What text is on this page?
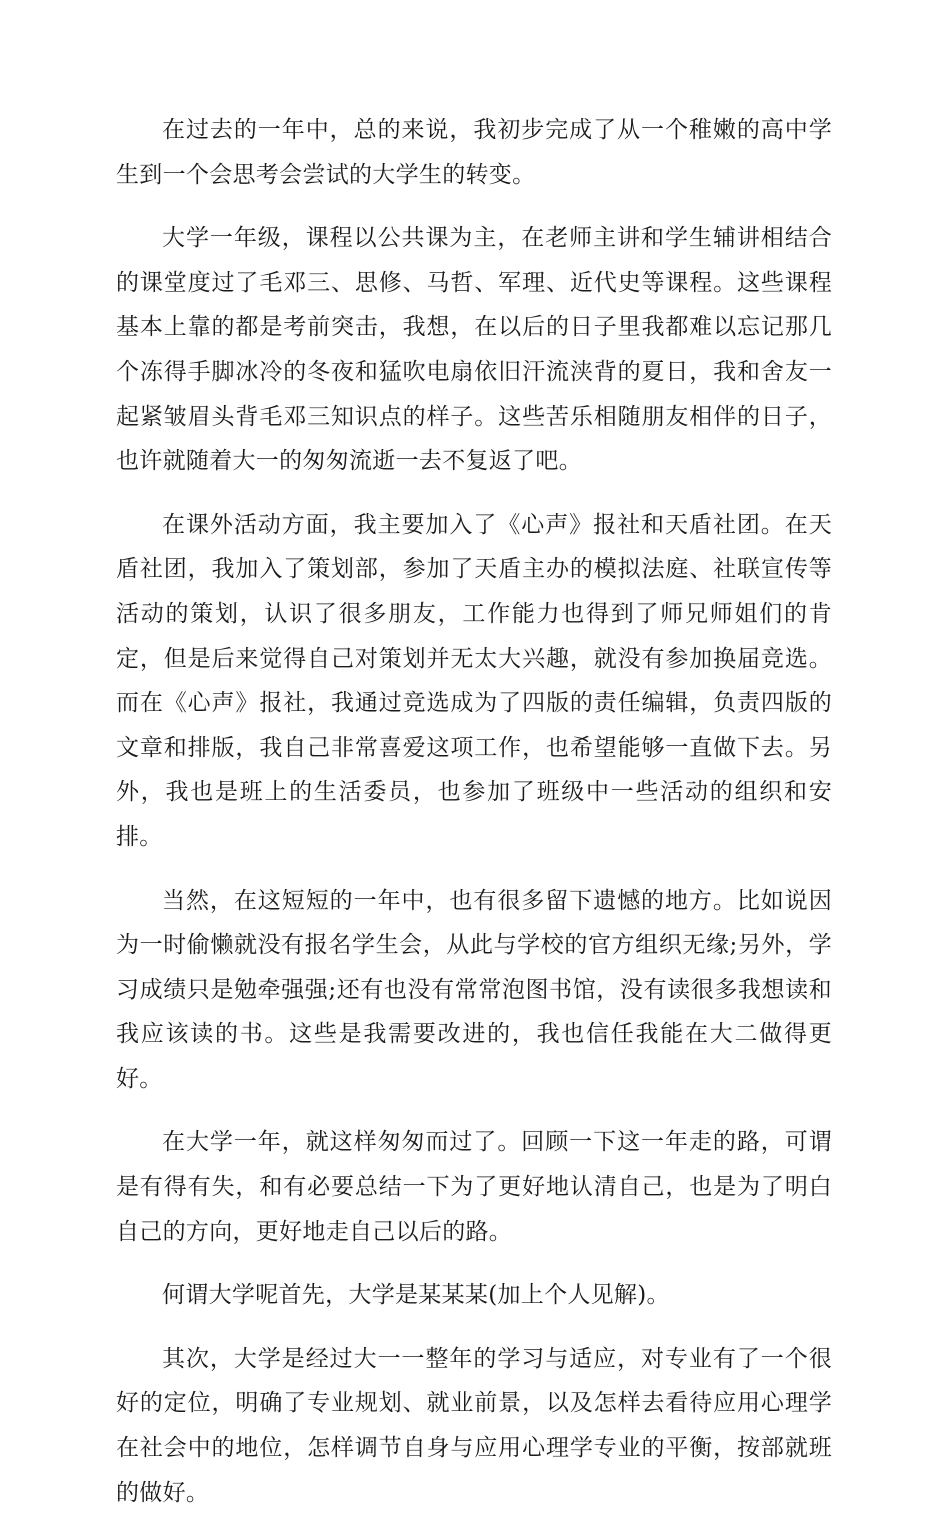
在过去的一年中，总的来说，我初步完成了从一个稚嫩的高中学生到一个会思考会尝试的大学生的转变。

大学一年级，课程以公共课为主，在老师主讲和学生辅讲相结合的课堂度过了毛邓三、思修、马哲、军理、近代史等课程。这些课程基本上靠的都是考前突击，我想，在以后的日子里我都难以忘记那几个冻得手脚冰冷的冬夜和猛吹电扇依旧汗流浃背的夏日，我和舍友一起紧皱眉头背毛邓三知识点的样子。这些苦乐相随朋友相伴的日子，也许就随着大一的匆匆流逝一去不复返了吧。

在课外活动方面，我主要加入了《心声》报社和天盾社团。在天盾社团，我加入了策划部，参加了天盾主办的模拟法庭、社联宣传等活动的策划，认识了很多朋友，工作能力也得到了师兄师姐们的肯定，但是后来觉得自己对策划并无太大兴趣，就没有参加换届竞选。而在《心声》报社，我通过竞选成为了四版的责任编辑，负责四版的文章和排版，我自己非常喜爱这项工作，也希望能够一直做下去。另外，我也是班上的生活委员，也参加了班级中一些活动的组织和安排。

当然，在这短短的一年中，也有很多留下遗憾的地方。比如说因为一时偷懒就没有报名学生会，从此与学校的官方组织无缘;另外，学习成绩只是勉牵强强;还有也没有常常泡图书馆，没有读很多我想读和我应该读的书。这些是我需要改进的，我也信任我能在大二做得更好。

在大学一年，就这样匆匆而过了。回顾一下这一年走的路，可谓是有得有失，和有必要总结一下为了更好地认清自己，也是为了明白自己的方向，更好地走自己以后的路。

何谓大学呢首先，大学是某某某(加上个人见解)。

其次，大学是经过大一一整年的学习与适应，对专业有了一个很好的定位，明确了专业规划、就业前景，以及怎样去看待应用心理学在社会中的地位，怎样调节自身与应用心理学专业的平衡，按部就班的做好。
